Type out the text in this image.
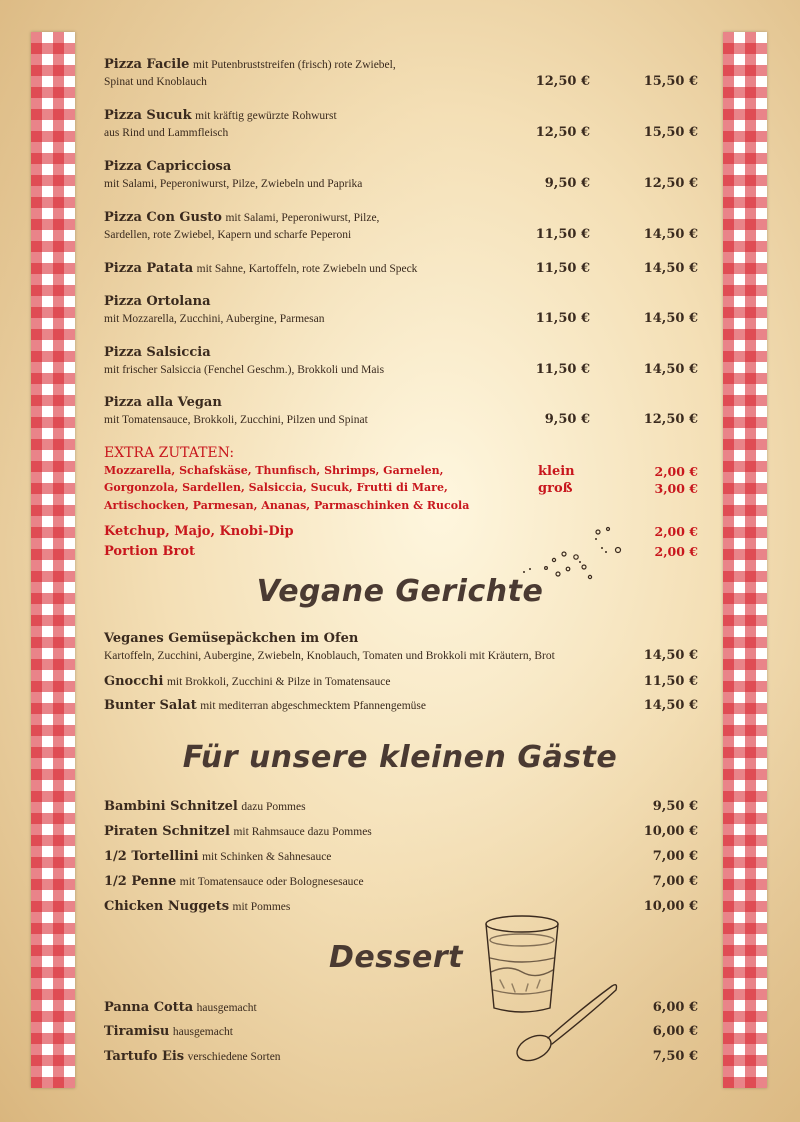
Pizza Facile mit Putenbruststreifen (frisch) rote Zwiebel,
Spinat und Knoblauch	12,50 €	15,50 €
Pizza Sucuk mit kräftig gewürzte Rohwurst
aus Rind und Lammfleisch	12,50 €	15,50 €
Pizza Capricciosa
mit Salami, Peperoniwurst, Pilze, Zwiebeln und Paprika	9,50 €	12,50 €
Pizza Con Gusto mit Salami, Peperoniwurst, Pilze,
Sardellen, rote Zwiebel, Kapern und scharfe Peperoni	11,50 €	14,50 €
Pizza Patata mit Sahne, Kartoffeln, rote Zwiebeln und Speck	11,50 €	14,50 €
Pizza Ortolana
mit Mozzarella, Zucchini, Aubergine, Parmesan	11,50 €	14,50 €
Pizza Salsiccia
mit frischer Salsiccia (Fenchel Geschm.), Brokkoli und Mais	11,50 €	14,50 €
Pizza alla Vegan
mit Tomatensauce, Brokkoli, Zucchini, Pilzen und Spinat	9,50 €	12,50 €
EXTRA ZUTATEN:
Mozzarella, Schafskäse, Thunfisch, Shrimps, Garnelen,	klein	2,00 €
Gorgonzola, Sardellen, Salsiccia, Sucuk, Frutti di Mare,	groß	3,00 €
Artischocken, Parmesan, Ananas, Parmaschinken & Rucola
Ketchup, Majo, Knobi-Dip	2,00 €
Portion Brot	2,00 €
Vegane Gerichte
Veganes Gemüsepäckchen im Ofen
Kartoffeln, Zucchini, Aubergine, Zwiebeln, Knoblauch, Tomaten und Brokkoli mit Kräutern, Brot	14,50 €
Gnocchi mit Brokkoli, Zucchini & Pilze in Tomatensauce	11,50 €
Bunter Salat mit mediterran abgeschmecktem Pfannengemüse	14,50 €
Für unsere kleinen Gäste
Bambini Schnitzel dazu Pommes	9,50 €
Piraten Schnitzel mit Rahmsauce dazu Pommes	10,00 €
1/2 Tortellini mit Schinken & Sahnesauce	7,00 €
1/2 Penne mit Tomatensauce oder Bolognesesauce	7,00 €
Chicken Nuggets mit Pommes	10,00 €
Dessert
Panna Cotta hausgemacht	6,00 €
Tiramisu hausgemacht	6,00 €
Tartufo Eis verschiedene Sorten	7,50 €
